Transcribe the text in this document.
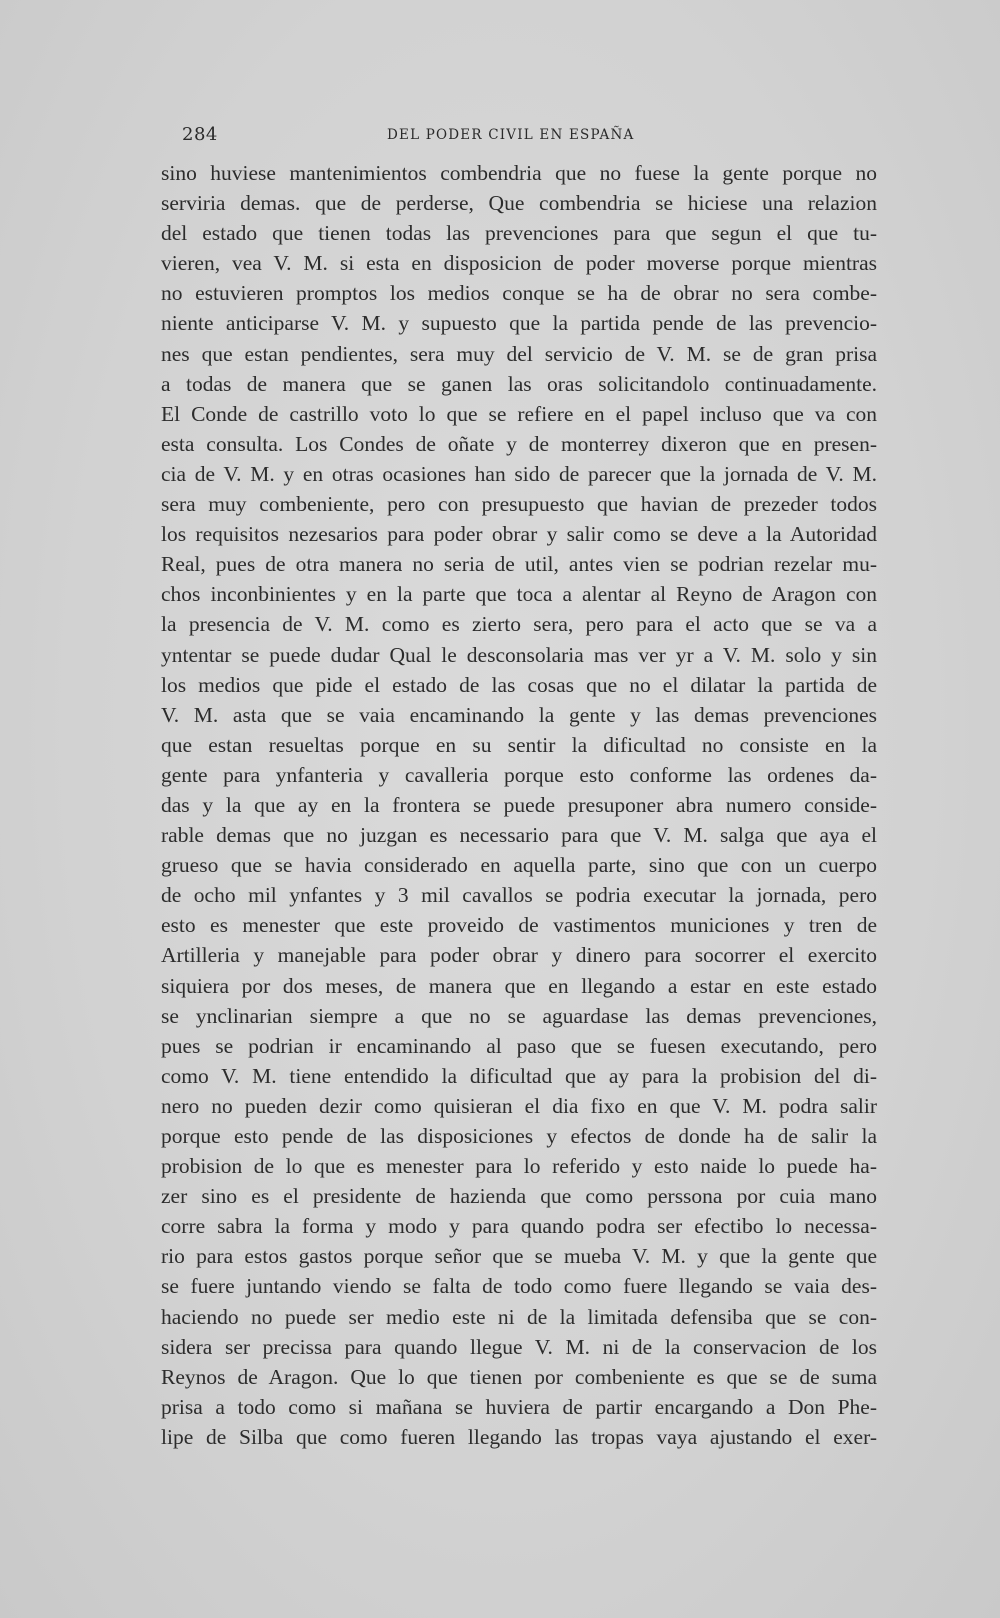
284	DEL PODER CIVIL EN ESPAÑA
sino huviese mantenimientos combendria que no fuese la gente porque no
serviria demas. que de perderse, Que combendria se hiciese una relazion
del estado que tienen todas las prevenciones para que segun el que tu-
vieren, vea V. M. si esta en disposicion de poder moverse porque mientras
no estuvieren promptos los medios conque se ha de obrar no sera combe-
niente anticiparse V. M. y supuesto que la partida pende de las prevencio-
nes que estan pendientes, sera muy del servicio de V. M. se de gran prisa
a todas de manera que se ganen las oras solicitandolo continuadamente.
El Conde de castrillo voto lo que se refiere en el papel incluso que va con
esta consulta. Los Condes de oñate y de monterrey dixeron que en presen-
cia de V. M. y en otras ocasiones han sido de parecer que la jornada de V. M.
sera muy combeniente, pero con presupuesto que havian de prezeder todos
los requisitos nezesarios para poder obrar y salir como se deve a la Autoridad
Real, pues de otra manera no seria de util, antes vien se podrian rezelar mu-
chos inconbinientes y en la parte que toca a alentar al Reyno de Aragon con
la presencia de V. M. como es zierto sera, pero para el acto que se va a
yntentar se puede dudar Qual le desconsolaria mas ver yr a V. M. solo y sin
los medios que pide el estado de las cosas que no el dilatar la partida de
V. M. asta que se vaia encaminando la gente y las demas prevenciones
que estan resueltas porque en su sentir la dificultad no consiste en la
gente para ynfanteria y cavalleria porque esto conforme las ordenes da-
das y la que ay en la frontera se puede presuponer abra numero conside-
rable demas que no juzgan es necessario para que V. M. salga que aya el
grueso que se havia considerado en aquella parte, sino que con un cuerpo
de ocho mil ynfantes y 3 mil cavallos se podria executar la jornada, pero
esto es menester que este proveido de vastimentos municiones y tren de
Artilleria y manejable para poder obrar y dinero para socorrer el exercito
siquiera por dos meses, de manera que en llegando a estar en este estado
se ynclinarian siempre a que no se aguardase las demas prevenciones,
pues se podrian ir encaminando al paso que se fuesen executando, pero
como V. M. tiene entendido la dificultad que ay para la probision del di-
nero no pueden dezir como quisieran el dia fixo en que V. M. podra salir
porque esto pende de las disposiciones y efectos de donde ha de salir la
probision de lo que es menester para lo referido y esto naide lo puede ha-
zer sino es el presidente de hazienda que como perssona por cuia mano
corre sabra la forma y modo y para quando podra ser efectibo lo necessa-
rio para estos gastos porque señor que se mueba V. M. y que la gente que
se fuere juntando viendo se falta de todo como fuere llegando se vaia des-
haciendo no puede ser medio este ni de la limitada defensiba que se con-
sidera ser precissa para quando llegue V. M. ni de la conservacion de los
Reynos de Aragon. Que lo que tienen por combeniente es que se de suma
prisa a todo como si mañana se huviera de partir encargando a Don Phe-
lipe de Silba que como fueren llegando las tropas vaya ajustando el exer-
